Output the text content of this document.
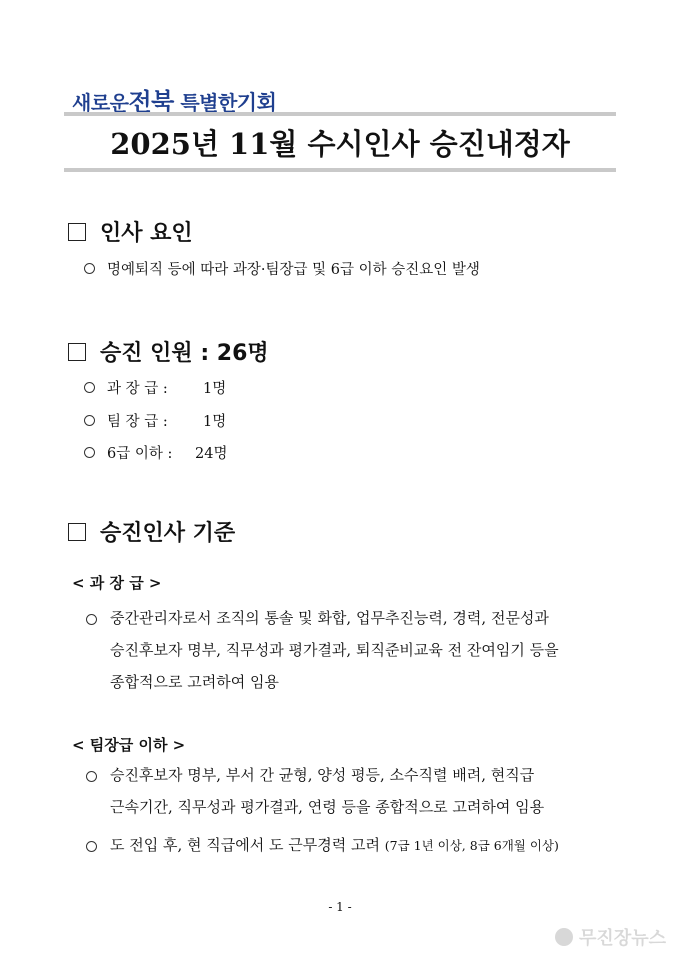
새로운전북 특별한기회
2025년 11월 수시인사 승진내정자
인사 요인
명예퇴직 등에 따라 과장·팀장급 및 6급 이하 승진요인 발생
승진 인원 : 26명
과 장 급 :	1명
팀 장 급 :	1명
6급 이하 :	24명
승진인사 기준
< 과 장 급 >
중간관리자로서 조직의 통솔 및 화합, 업무추진능력, 경력, 전문성과
승진후보자 명부, 직무성과 평가결과, 퇴직준비교육 전 잔여임기 등을
종합적으로 고려하여 임용
< 팀장급 이하 >
승진후보자 명부, 부서 간 균형, 양성 평등, 소수직렬 배려, 현직급
근속기간, 직무성과 평가결과, 연령 등을 종합적으로 고려하여 임용
도 전입 후, 현 직급에서 도 근무경력 고려 (7급 1년 이상, 8급 6개월 이상)
- 1 -
무진장뉴스
